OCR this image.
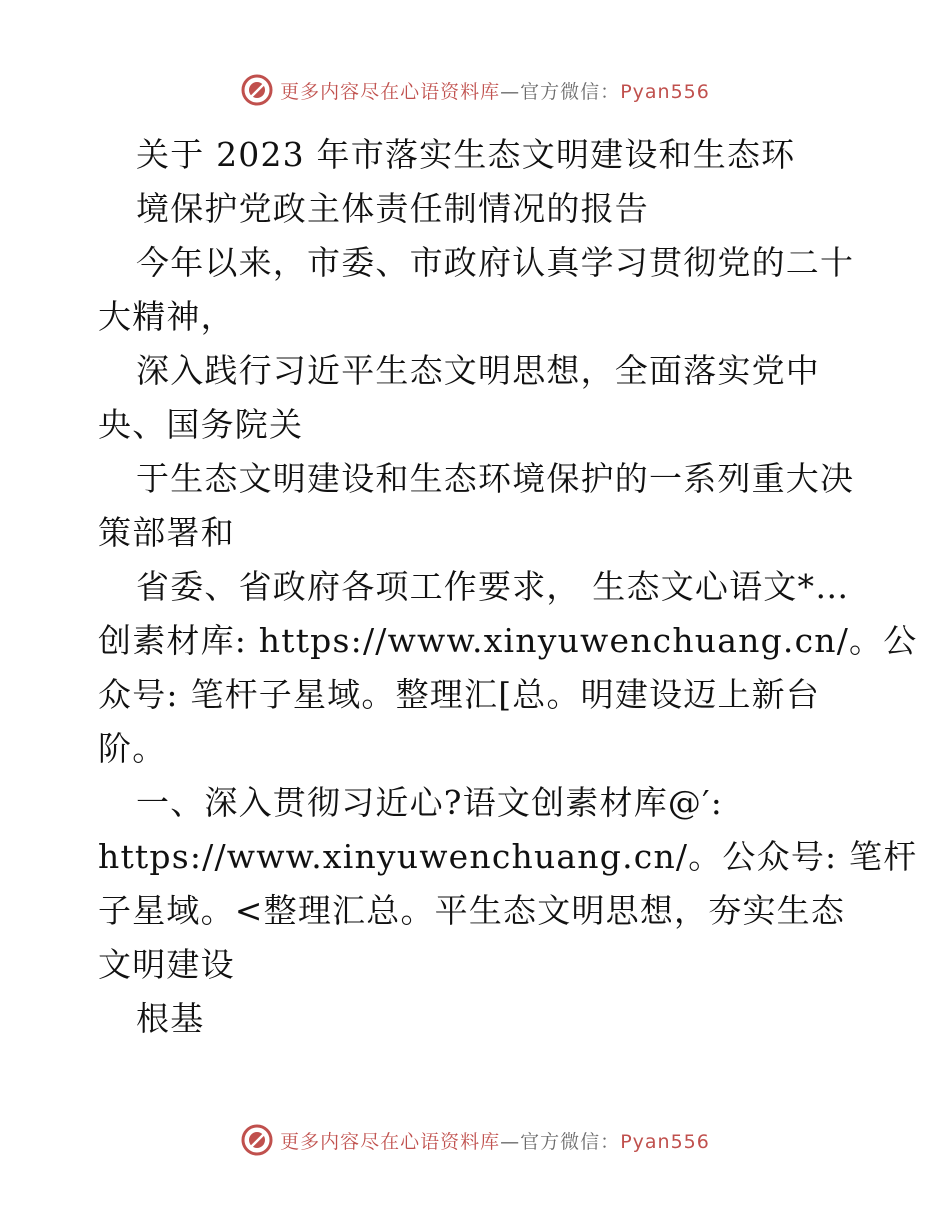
更多内容尽在心语资料库—官方微信：Pyan556
关于 2023 年市落实生态文明建设和生态环
境保护党政主体责任制情况的报告
今年以来，市委、市政府认真学习贯彻党的二十
大精神，
深入践行习近平生态文明思想，全面落实党中
央、国务院关
于生态文明建设和生态环境保护的一系列重大决
策部署和
省委、省政府各项工作要求， 生态文心语文*…
创素材库: https://www.xinyuwenchuang.cn/。公
众号: 笔杆子星域。整理汇[总。明建设迈上新台
阶。
一、深入贯彻习近心?语文创素材库@′:
https://www.xinyuwenchuang.cn/。公众号: 笔杆
子星域。<整理汇总。平生态文明思想，夯实生态
文明建设
根基
更多内容尽在心语资料库—官方微信：Pyan556
